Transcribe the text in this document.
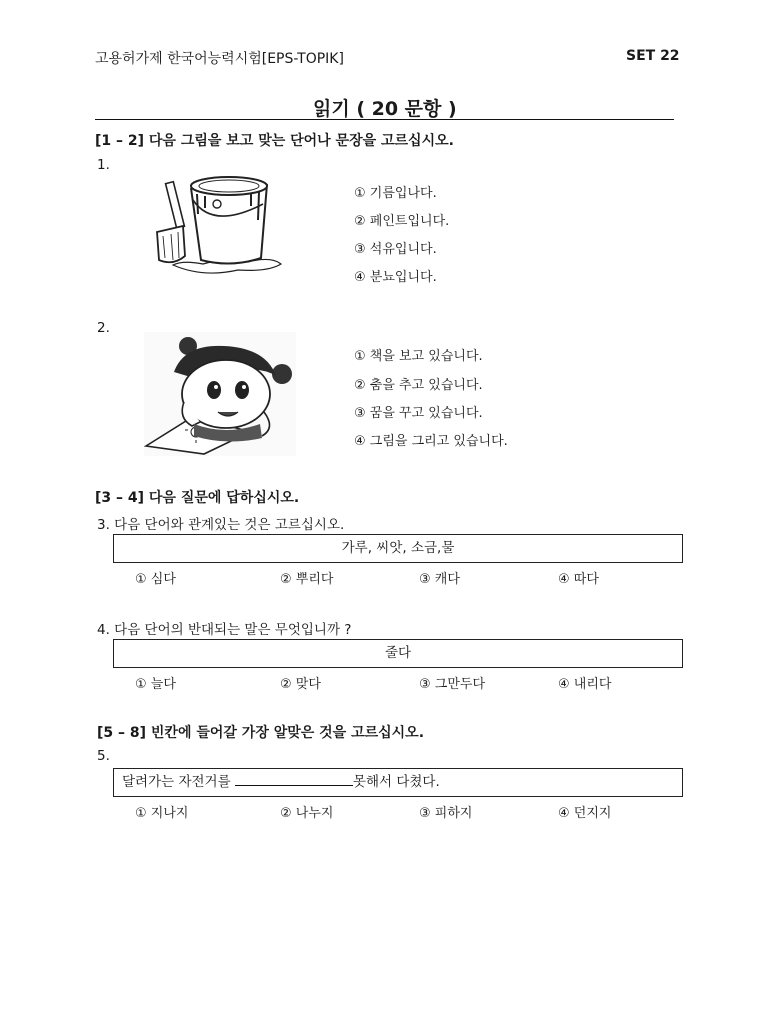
고용허가제 한국어능력시험[EPS-TOPIK]	SET 22
읽기 ( 20 문항 )
[1 – 2] 다음 그림을 보고 맞는 단어나 문장을 고르십시오.
1.
① 기름입나다.
② 페인트입니다.
③ 석유입니다.
④ 분뇨입니다.
2.
① 책을 보고 있습니다.
② 춤을 추고 있습니다.
③ 꿈을 꾸고 있습니다.
④ 그림을 그리고 있습니다.
[3 – 4] 다음 질문에 답하십시오.
3. 다음 단어와 관계있는 것은 고르십시오.
가루, 씨앗, 소금,물
① 심다	② 뿌리다	③ 캐다	④ 따다
4. 다음 단어의 반대되는 말은 무엇입니까 ?
줄다
① 늘다	② 맞다	③ 그만두다	④ 내리다
[5 – 8] 빈칸에 들어갈 가장 알맞은 것을 고르십시오.
5.
달려가는 자전거를	못해서 다쳤다.
① 지나지	② 나누지	③ 피하지	④ 던지지
